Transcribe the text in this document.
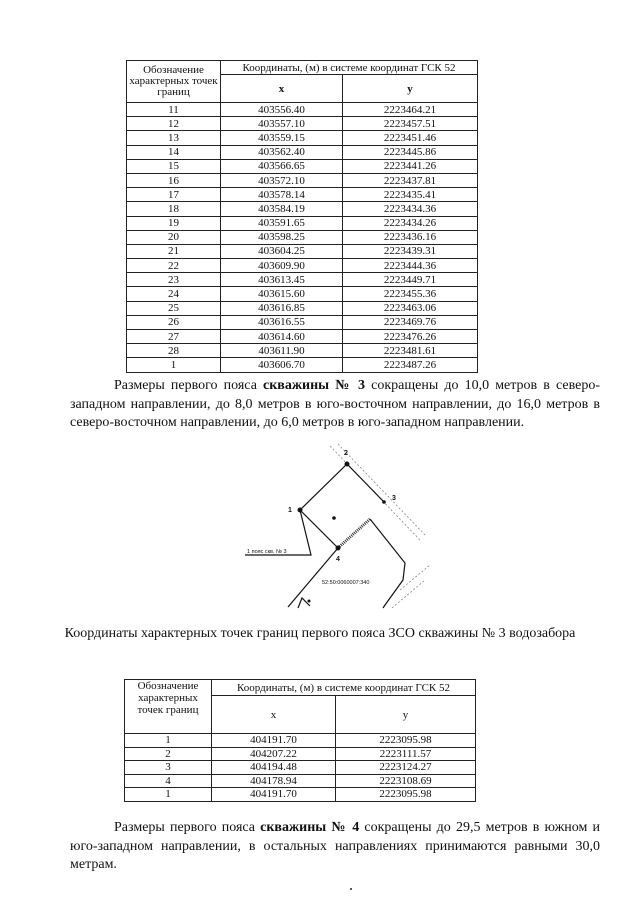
Обозначение характерных точек границ	Координаты, (м) в системе координат ГСК 52	
	x	y
11	403556.40	2223464.21
12	403557.10	2223457.51
13	403559.15	2223451.46
14	403562.40	2223445.86
15	403566.65	2223441.26
16	403572.10	2223437.81
17	403578.14	2223435.41
18	403584.19	2223434.36
19	403591.65	2223434.26
20	403598.25	2223436.16
21	403604.25	2223439.31
22	403609.90	2223444.36
23	403613.45	2223449.71
24	403615.60	2223455.36
25	403616.85	2223463.06
26	403616.55	2223469.76
27	403614.60	2223476.26
28	403611.90	2223481.61
1	403606.70	2223487.26

Размеры первого пояса скважины № 3 сокращены до 10,0 метров в северо-западном направлении, до 8,0 метров в юго-восточном направлении, до 16,0 метров в северо-восточном направлении, до 6,0 метров в юго-западном направлении.

1
2
3
4
1 пояс скв. № 3
52:50:0060007:340

Координаты характерных точек границ первого пояса ЗСО скважины № 3 водозабора

Обозначение характерных точек границ	Координаты, (м) в системе координат ГСК 52	
	x	y
1	404191.70	2223095.98
2	404207.22	2223111.57
3	404194.48	2223124.27
4	404178.94	2223108.69
1	404191.70	2223095.98

Размеры первого пояса скважины № 4 сокращены до 29,5 метров в южном и юго-западном направлении, в остальных направлениях принимаются равными 30,0 метрам.
